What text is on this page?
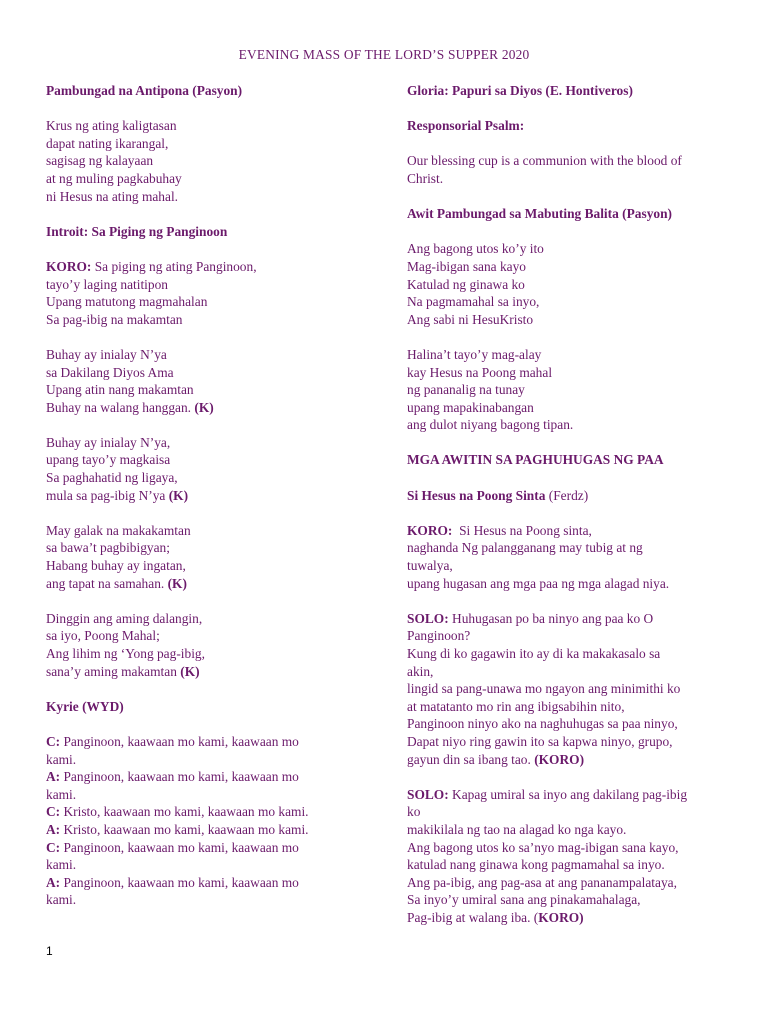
EVENING MASS OF THE LORD’S SUPPER 2020
Pambungad na Antipona (Pasyon)
Krus ng ating kaligtasan
dapat nating ikarangal,
sagisag ng kalayaan
at ng muling pagkabuhay
ni Hesus na ating mahal.
Introit: Sa Piging ng Panginoon
KORO: Sa piging ng ating Panginoon,
tayo’y laging natitipon
Upang matutong magmahalan
Sa pag-ibig na makamtan
Buhay ay inialay N’ya
sa Dakilang Diyos Ama
Upang atin nang makamtan
Buhay na walang hanggan. (K)
Buhay ay inialay N’ya,
upang tayo’y magkaisa
Sa paghahatid ng ligaya,
mula sa pag-ibig N’ya (K)
May galak na makakamtan
sa bawa’t pagbibigyan;
Habang buhay ay ingatan,
ang tapat na samahan. (K)
Dinggin ang aming dalangin,
sa iyo, Poong Mahal;
Ang lihim ng ‘Yong pag-ibig,
sana’y aming makamtan (K)
Kyrie (WYD)
C: Panginoon, kaawaan mo kami, kaawaan mo
kami.
A: Panginoon, kaawaan mo kami, kaawaan mo
kami.
C: Kristo, kaawaan mo kami, kaawaan mo kami.
A: Kristo, kaawaan mo kami, kaawaan mo kami.
C: Panginoon, kaawaan mo kami, kaawaan mo
kami.
A: Panginoon, kaawaan mo kami, kaawaan mo
kami.
Gloria: Papuri sa Diyos (E. Hontiveros)
Responsorial Psalm:
Our blessing cup is a communion with the blood of
Christ.
Awit Pambungad sa Mabuting Balita (Pasyon)
Ang bagong utos ko’y ito
Mag-ibigan sana kayo
Katulad ng ginawa ko
Na pagmamahal sa inyo,
Ang sabi ni HesuKristo
Halina’t tayo’y mag-alay
kay Hesus na Poong mahal
ng pananalig na tunay
upang mapakinabangan
ang dulot niyang bagong tipan.
MGA AWITIN SA PAGHUHUGAS NG PAA
Si Hesus na Poong Sinta (Ferdz)
KORO:  Si Hesus na Poong sinta,
naghanda Ng palangganang may tubig at ng
tuwalya,
upang hugasan ang mga paa ng mga alagad niya.
SOLO: Huhugasan po ba ninyo ang paa ko O
Panginoon?
Kung di ko gagawin ito ay di ka makakasalo sa
akin,
lingid sa pang-unawa mo ngayon ang minimithi ko
at matatanto mo rin ang ibigsabihin nito,
Panginoon ninyo ako na naghuhugas sa paa ninyo,
Dapat niyo ring gawin ito sa kapwa ninyo, grupo,
gayun din sa ibang tao. (KORO)
SOLO: Kapag umiral sa inyo ang dakilang pag-ibig
ko
makikilala ng tao na alagad ko nga kayo.
Ang bagong utos ko sa’nyo mag-ibigan sana kayo,
katulad nang ginawa kong pagmamahal sa inyo.
Ang pa-ibig, ang pag-asa at ang pananampalataya,
Sa inyo’y umiral sana ang pinakamahalaga,
Pag-ibig at walang iba. (KORO)
1
